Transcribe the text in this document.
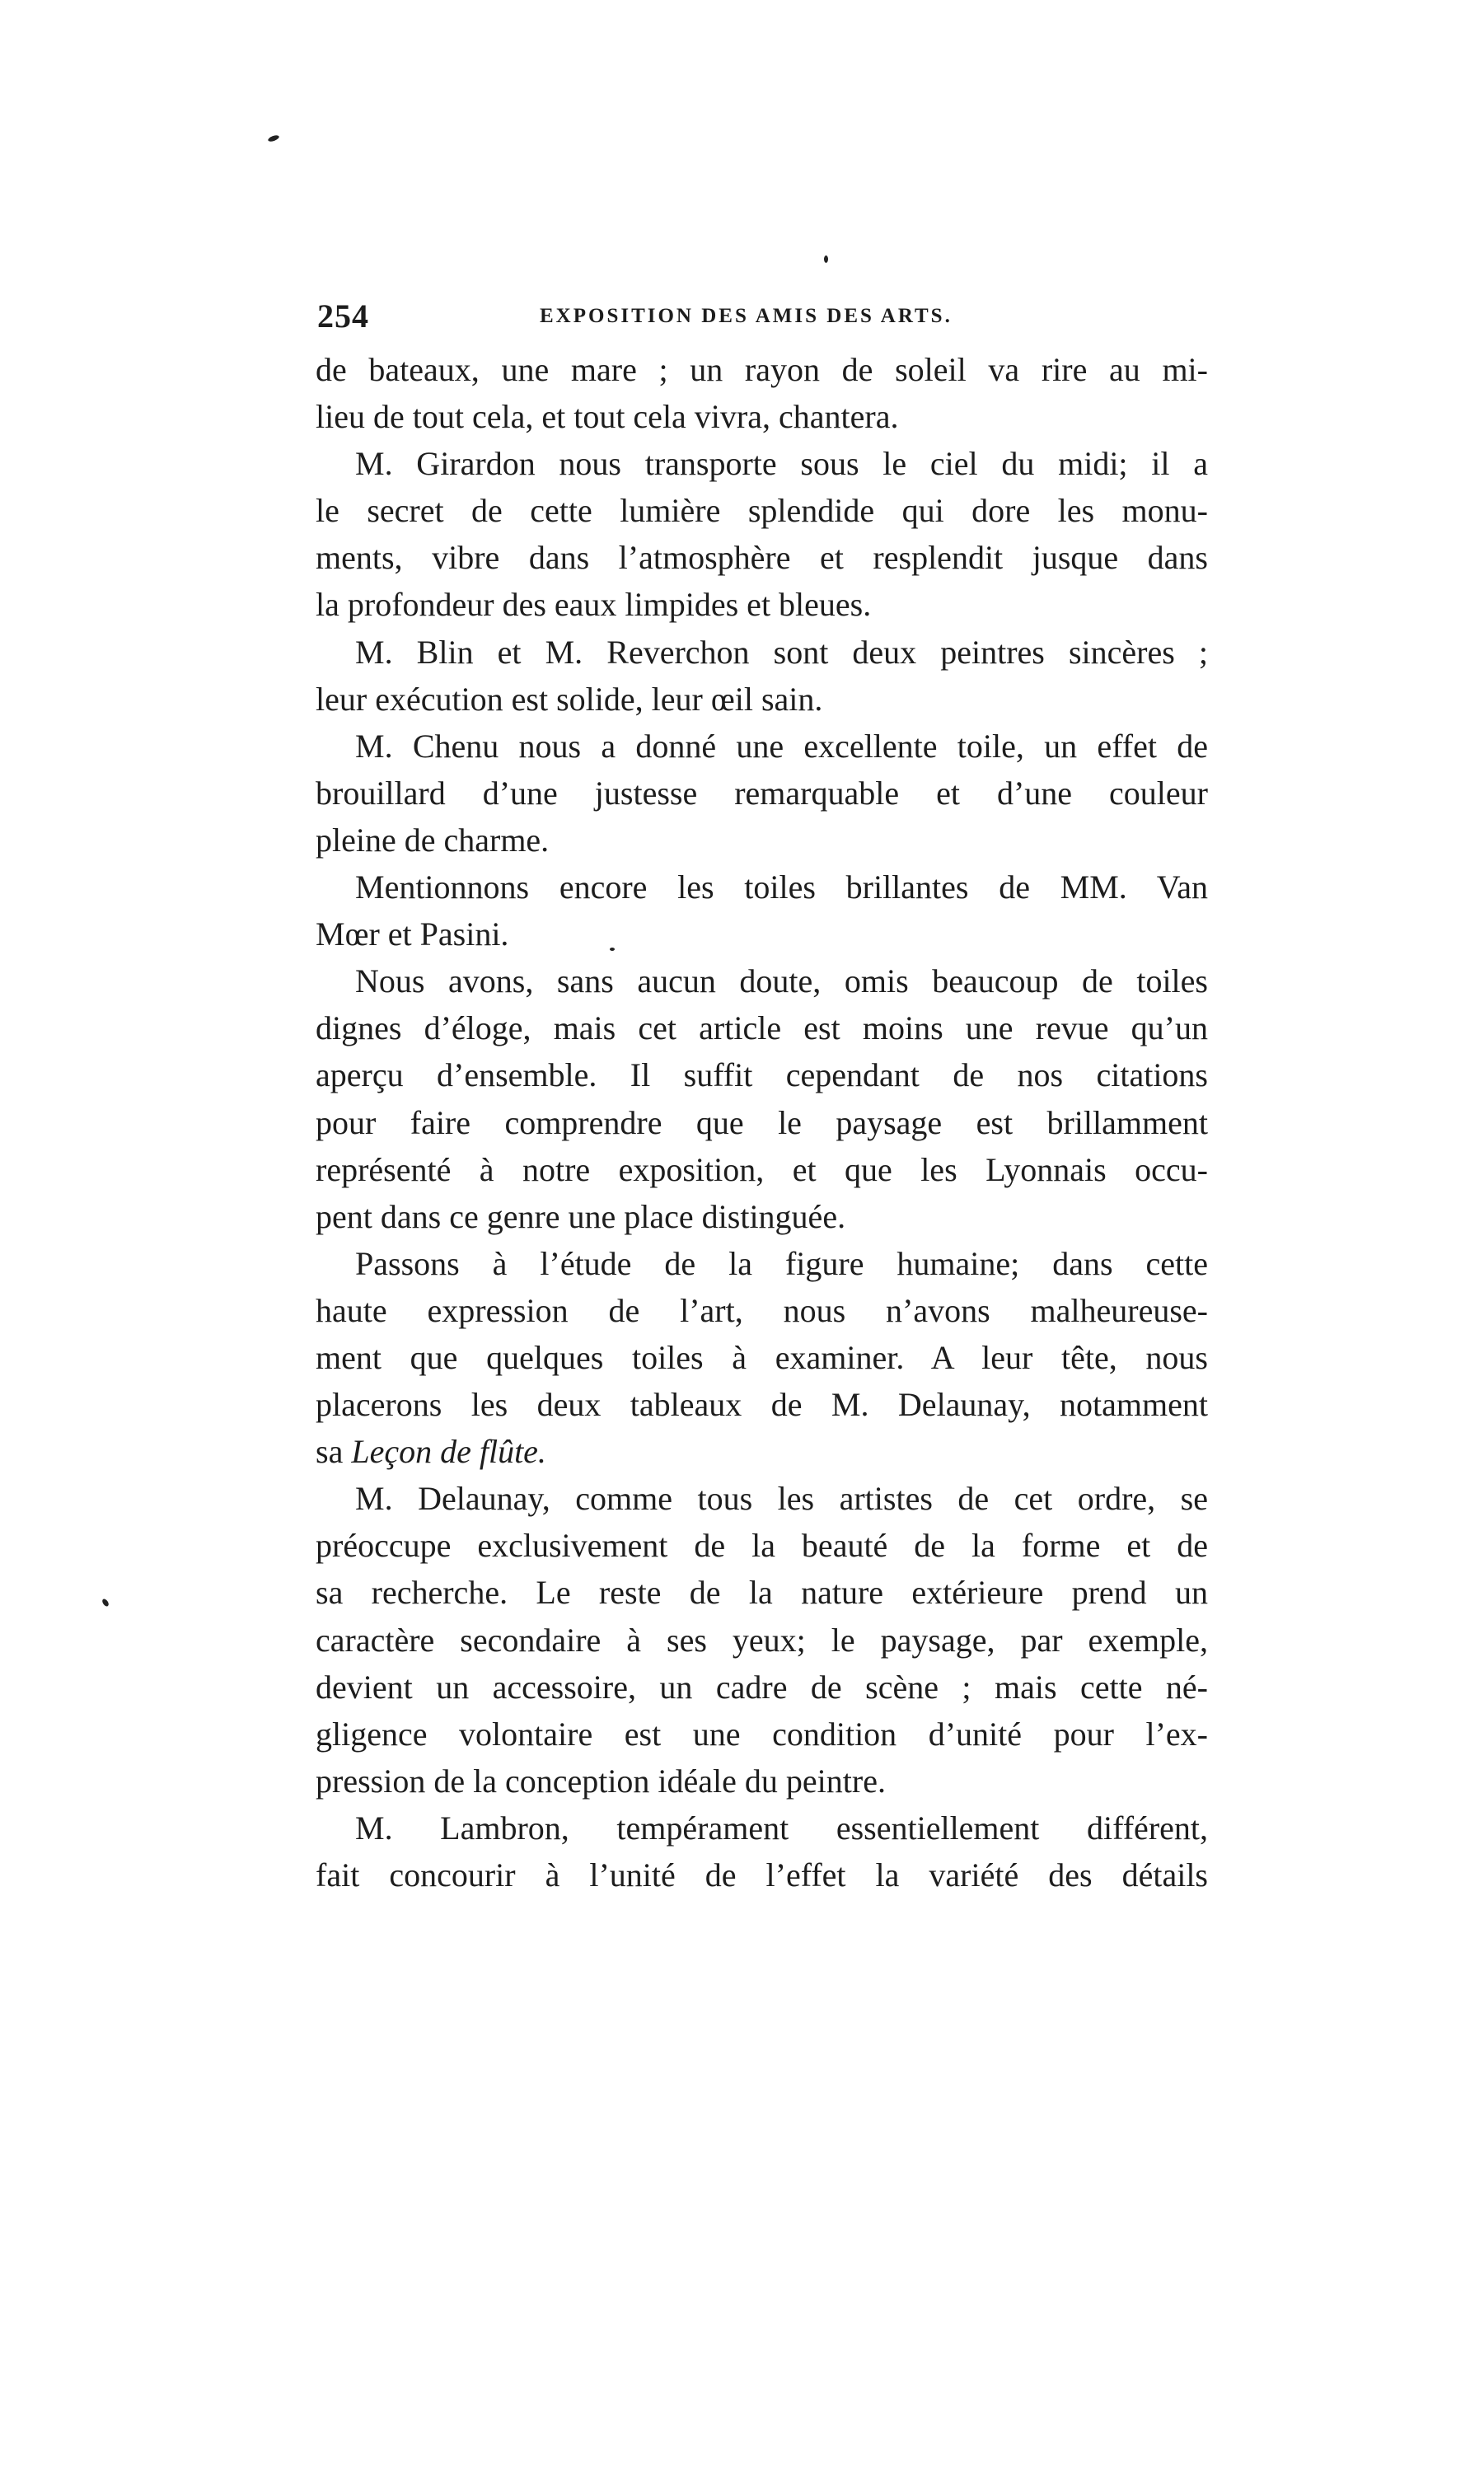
254	EXPOSITION DES AMIS DES ARTS.
de bateaux, une mare ; un rayon de soleil va rire au mi-
lieu de tout cela, et tout cela vivra, chantera.
M. Girardon nous transporte sous le ciel du midi; il a
le secret de cette lumière splendide qui dore les monu-
ments, vibre dans l’atmosphère et resplendit jusque dans
la profondeur des eaux limpides et bleues.
M. Blin et M. Reverchon sont deux peintres sincères ;
leur exécution est solide, leur œil sain.
M. Chenu nous a donné une excellente toile, un effet de
brouillard d’une justesse remarquable et d’une couleur
pleine de charme.
Mentionnons encore les toiles brillantes de MM. Van
Mœr et Pasini.
Nous avons, sans aucun doute, omis beaucoup de toiles
dignes d’éloge, mais cet article est moins une revue qu’un
aperçu d’ensemble. Il suffit cependant de nos citations
pour faire comprendre que le paysage est brillamment
représenté à notre exposition, et que les Lyonnais occu-
pent dans ce genre une place distinguée.
Passons à l’étude de la figure humaine; dans cette
haute expression de l’art, nous n’avons malheureuse-
ment que quelques toiles à examiner. A leur tête, nous
placerons les deux tableaux de M. Delaunay, notamment
sa Leçon de flûte.
M. Delaunay, comme tous les artistes de cet ordre, se
préoccupe exclusivement de la beauté de la forme et de
sa recherche. Le reste de la nature extérieure prend un
caractère secondaire à ses yeux; le paysage, par exemple,
devient un accessoire, un cadre de scène ; mais cette né-
gligence volontaire est une condition d’unité pour l’ex-
pression de la conception idéale du peintre.
M. Lambron, tempérament essentiellement différent,
fait concourir à l’unité de l’effet la variété des détails
